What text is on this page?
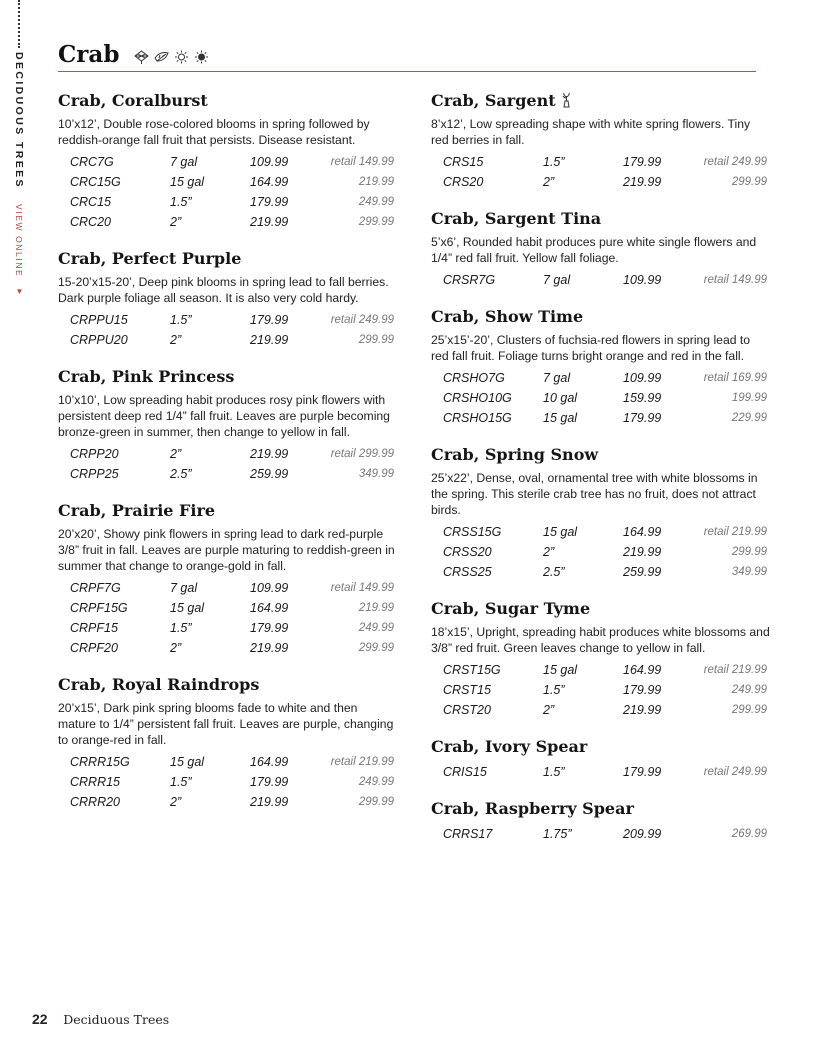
DECIDUOUS TREES VIEW ONLINE ▼
Crab
Crab, Coralburst

10’x12’, Double rose-colored blooms in spring followed by reddish-orange fall fruit that persists. Disease resistant.

CRC7G	7 gal	109.99	retail 149.99
CRC15G	15 gal	164.99	219.99
CRC15	1.5”	179.99	249.99
CRC20	2”	219.99	299.99
Crab, Perfect Purple

15-20’x15-20’, Deep pink blooms in spring lead to fall berries. Dark purple foliage all season. It is also very cold hardy.

CRPPU15	1.5”	179.99	retail 249.99
CRPPU20	2”	219.99	299.99
Crab, Pink Princess

10’x10’, Low spreading habit produces rosy pink flowers with persistent deep red 1/4” fall fruit. Leaves are purple becoming bronze-green in summer, then change to yellow in fall.

CRPP20	2”	219.99	retail 299.99
CRPP25	2.5”	259.99	349.99
Crab, Prairie Fire

20’x20’, Showy pink flowers in spring lead to dark red-purple 3/8” fruit in fall. Leaves are purple maturing to reddish-green in summer that change to orange-gold in fall.

CRPF7G	7 gal	109.99	retail 149.99
CRPF15G	15 gal	164.99	219.99
CRPF15	1.5”	179.99	249.99
CRPF20	2”	219.99	299.99
Crab, Royal Raindrops

20’x15’, Dark pink spring blooms fade to white and then mature to 1/4” persistent fall fruit. Leaves are purple, changing to orange-red in fall.

CRRR15G	15 gal	164.99	retail 219.99
CRRR15	1.5”	179.99	249.99
CRRR20	2”	219.99	299.99
Crab, Sargent

8’x12’, Low spreading shape with white spring flowers. Tiny red berries in fall.

CRS15	1.5”	179.99	retail 249.99
CRS20	2”	219.99	299.99
Crab, Sargent Tina

5’x6’, Rounded habit produces pure white single flowers and 1/4” red fall fruit. Yellow fall foliage.

CRSR7G	7 gal	109.99	retail 149.99
Crab, Show Time

25’x15’-20’, Clusters of fuchsia-red flowers in spring lead to red fall fruit. Foliage turns bright orange and red in the fall.

CRSHO7G	7 gal	109.99	retail 169.99
CRSHO10G 10 gal	159.99	199.99
CRSHO15G 15 gal	179.99	229.99
Crab, Spring Snow

25’x22’, Dense, oval, ornamental tree with white blossoms in the spring. This sterile crab tree has no fruit, does not attract birds.

CRSS15G	15 gal	164.99	retail 219.99
CRSS20	2”	219.99	299.99
CRSS25	2.5”	259.99	349.99
Crab, Sugar Tyme

18’x15’, Upright, spreading habit produces white blossoms and 3/8” red fruit. Green leaves change to yellow in fall.

CRST15G	15 gal	164.99	retail 219.99
CRST15	1.5”	179.99	249.99
CRST20	2”	219.99	299.99
Crab, Ivory Spear
CRIS15	1.5”	179.99	retail 249.99
Crab, Raspberry Spear
CRRS17	1.75”	209.99	269.99
22 Deciduous Trees
